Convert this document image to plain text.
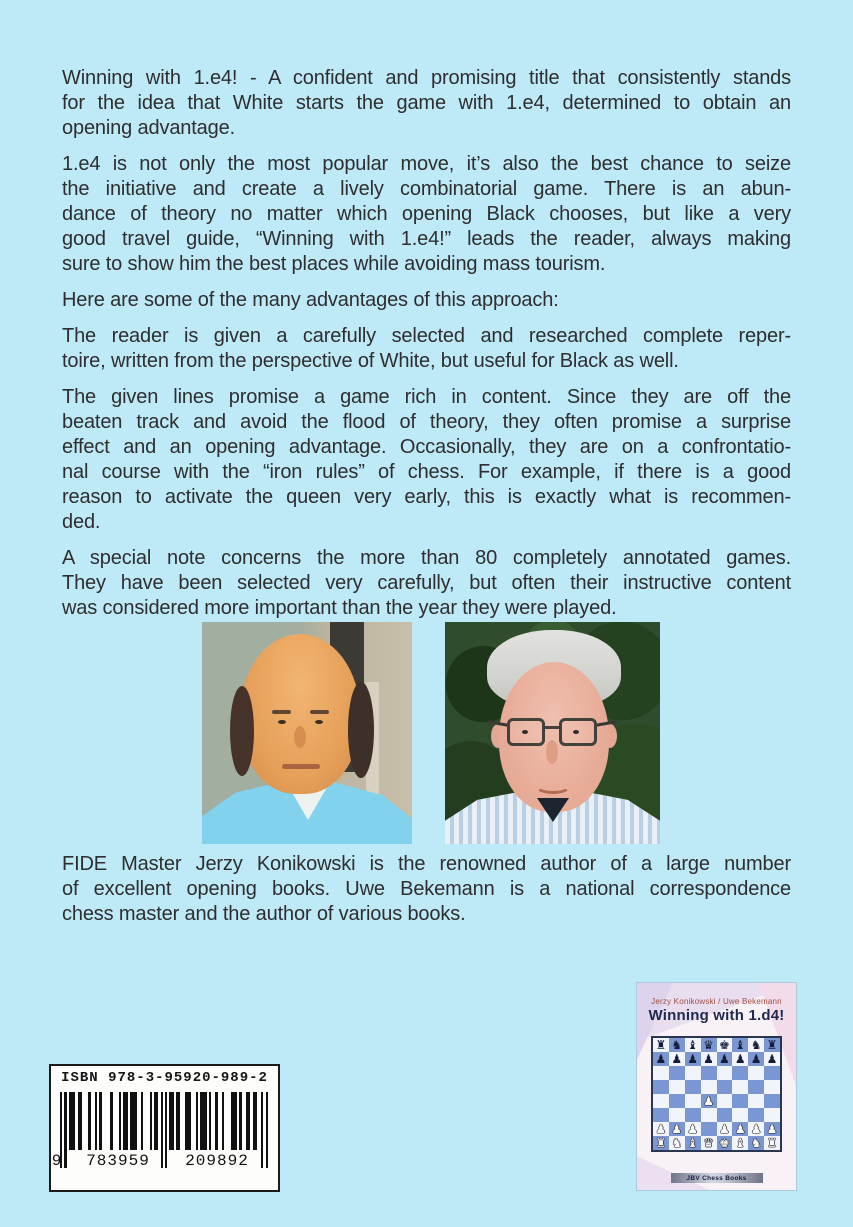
Winning with 1.e4! - A confident and promising title that consistently stands
for the idea that White starts the game with 1.e4, determined to obtain an
opening advantage.
1.e4 is not only the most popular move, it’s also the best chance to seize
the initiative and create a lively combinatorial game. There is an abun-
dance of theory no matter which opening Black chooses, but like a very
good travel guide, “Winning with 1.e4!” leads the reader, always making
sure to show him the best places while avoiding mass tourism.
Here are some of the many advantages of this approach:
The reader is given a carefully selected and researched complete reper-
toire, written from the perspective of White, but useful for Black as well.
The given lines promise a game rich in content. Since they are off the
beaten track and avoid the flood of theory, they often promise a surprise
effect and an opening advantage. Occasionally, they are on a confrontatio-
nal course with the “iron rules” of chess. For example, if there is a good
reason to activate the queen very early, this is exactly what is recommen-
ded.
A special note concerns the more than 80 completely annotated games.
They have been selected very carefully, but often their instructive content
was considered more important than the year they were played.
FIDE Master Jerzy Konikowski is the renowned author of a large number
of excellent opening books. Uwe Bekemann is a national correspondence
chess master and the author of various books.
ISBN 978-3-95920-989-2
9	783959	209892
Jerzy Konikowski / Uwe Bekemann
Winning with 1.d4!
♜ ♞ ♝ ♛ ♚ ♝ ♞ ♜
♟ ♟ ♟ ♟ ♟ ♟ ♟ ♟
♟
♟ ♟ ♟ ♟ ♟ ♟ ♟
♜ ♞ ♝ ♛ ♚ ♝ ♞ ♜
JBV Chess Books
